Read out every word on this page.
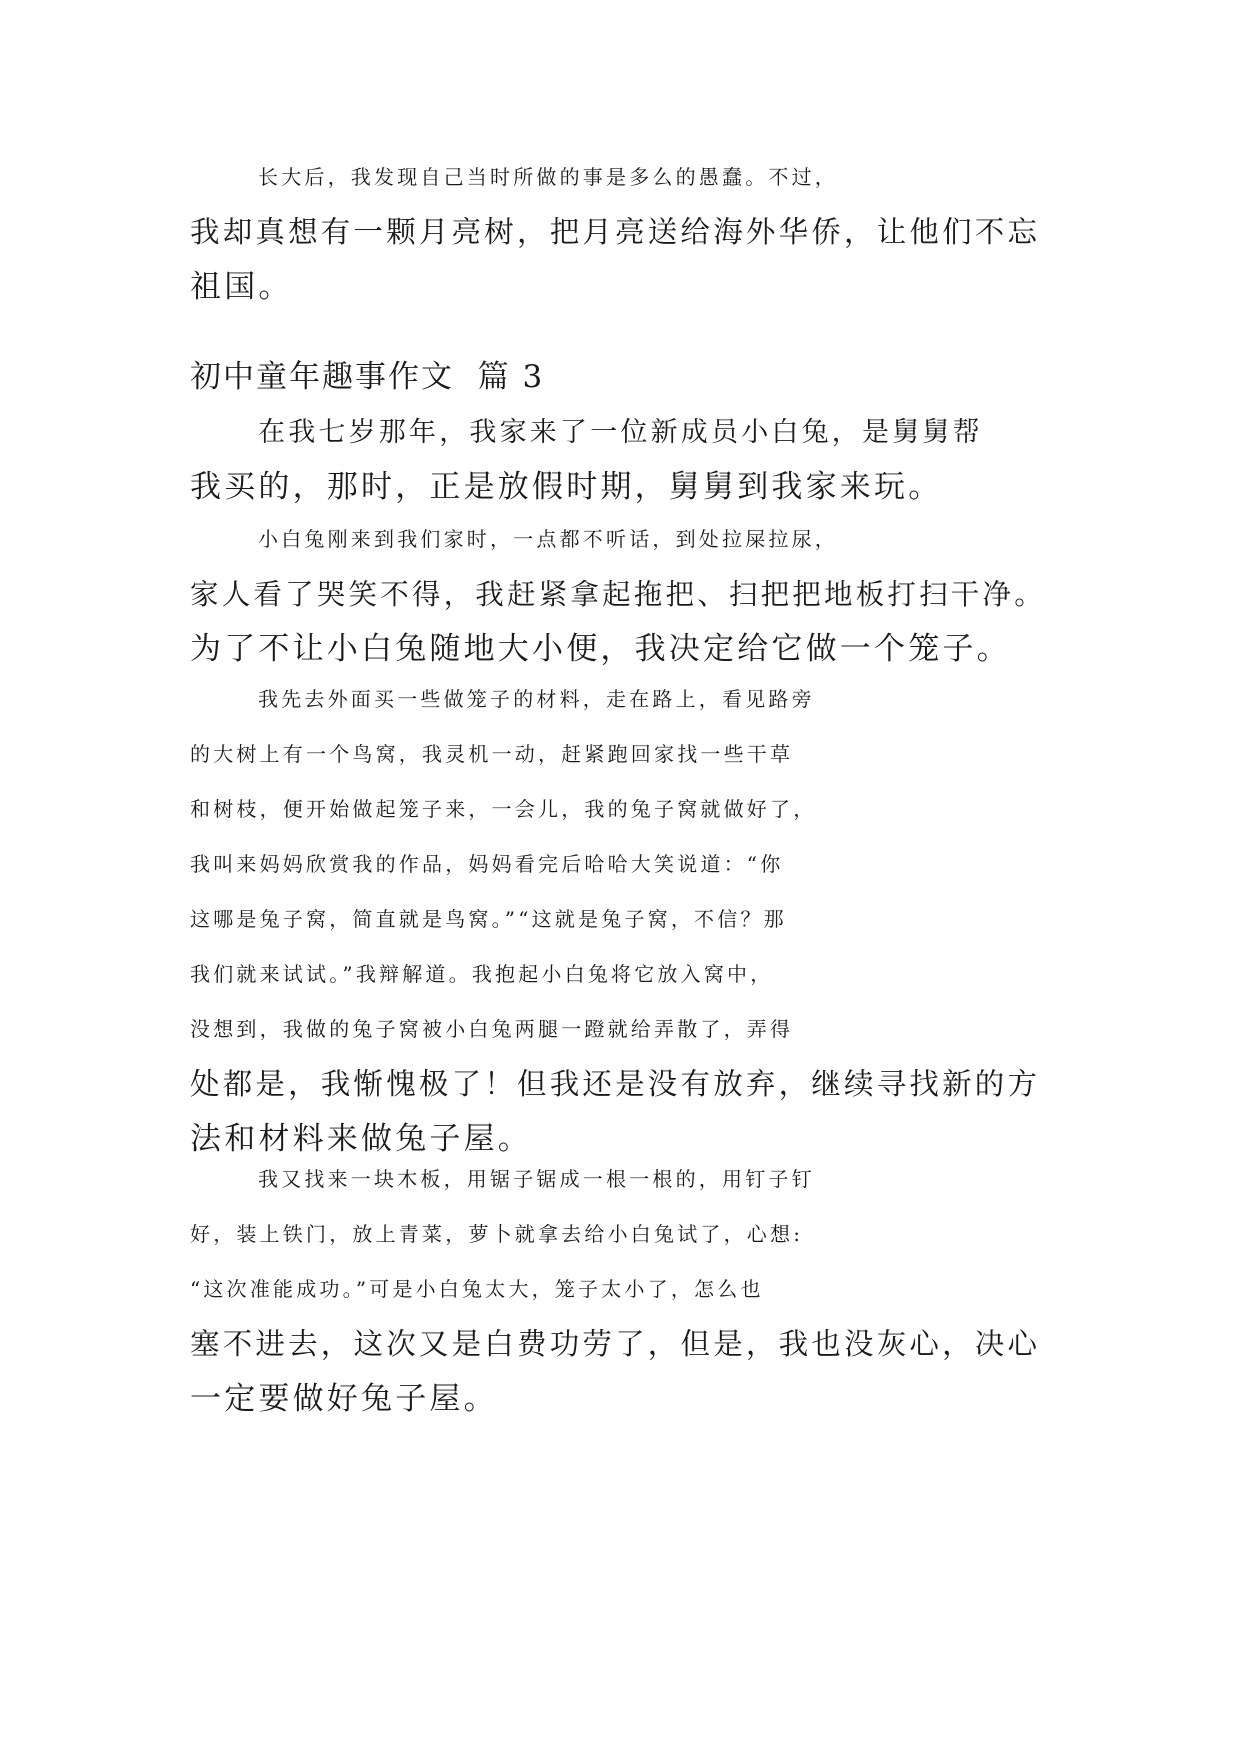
长大后，我发现自己当时所做的事是多么的愚蠢。不过，
我却真想有一颗月亮树，把月亮送给海外华侨，让他们不忘
祖国。
初中童年趣事作文  篇 3
在我七岁那年，我家来了一位新成员小白兔，是舅舅帮
我买的，那时，正是放假时期，舅舅到我家来玩。
小白兔刚来到我们家时，一点都不听话，到处拉屎拉尿，
家人看了哭笑不得，我赶紧拿起拖把、扫把把地板打扫干净。
为了不让小白兔随地大小便，我决定给它做一个笼子。
我先去外面买一些做笼子的材料，走在路上，看见路旁
的大树上有一个鸟窝，我灵机一动，赶紧跑回家找一些干草
和树枝，便开始做起笼子来，一会儿，我的兔子窝就做好了，
我叫来妈妈欣赏我的作品，妈妈看完后哈哈大笑说道：“你
这哪是兔子窝，简直就是鸟窝。”“这就是兔子窝，不信？那
我们就来试试。”我辩解道。我抱起小白兔将它放入窝中，
没想到，我做的兔子窝被小白兔两腿一蹬就给弄散了，弄得
处都是，我惭愧极了！但我还是没有放弃，继续寻找新的方
法和材料来做兔子屋。
我又找来一块木板，用锯子锯成一根一根的，用钉子钉
好，装上铁门，放上青菜，萝卜就拿去给小白兔试了，心想:
“这次准能成功。”可是小白兔太大，笼子太小了，怎么也
塞不进去，这次又是白费功劳了，但是，我也没灰心，决心
一定要做好兔子屋。
